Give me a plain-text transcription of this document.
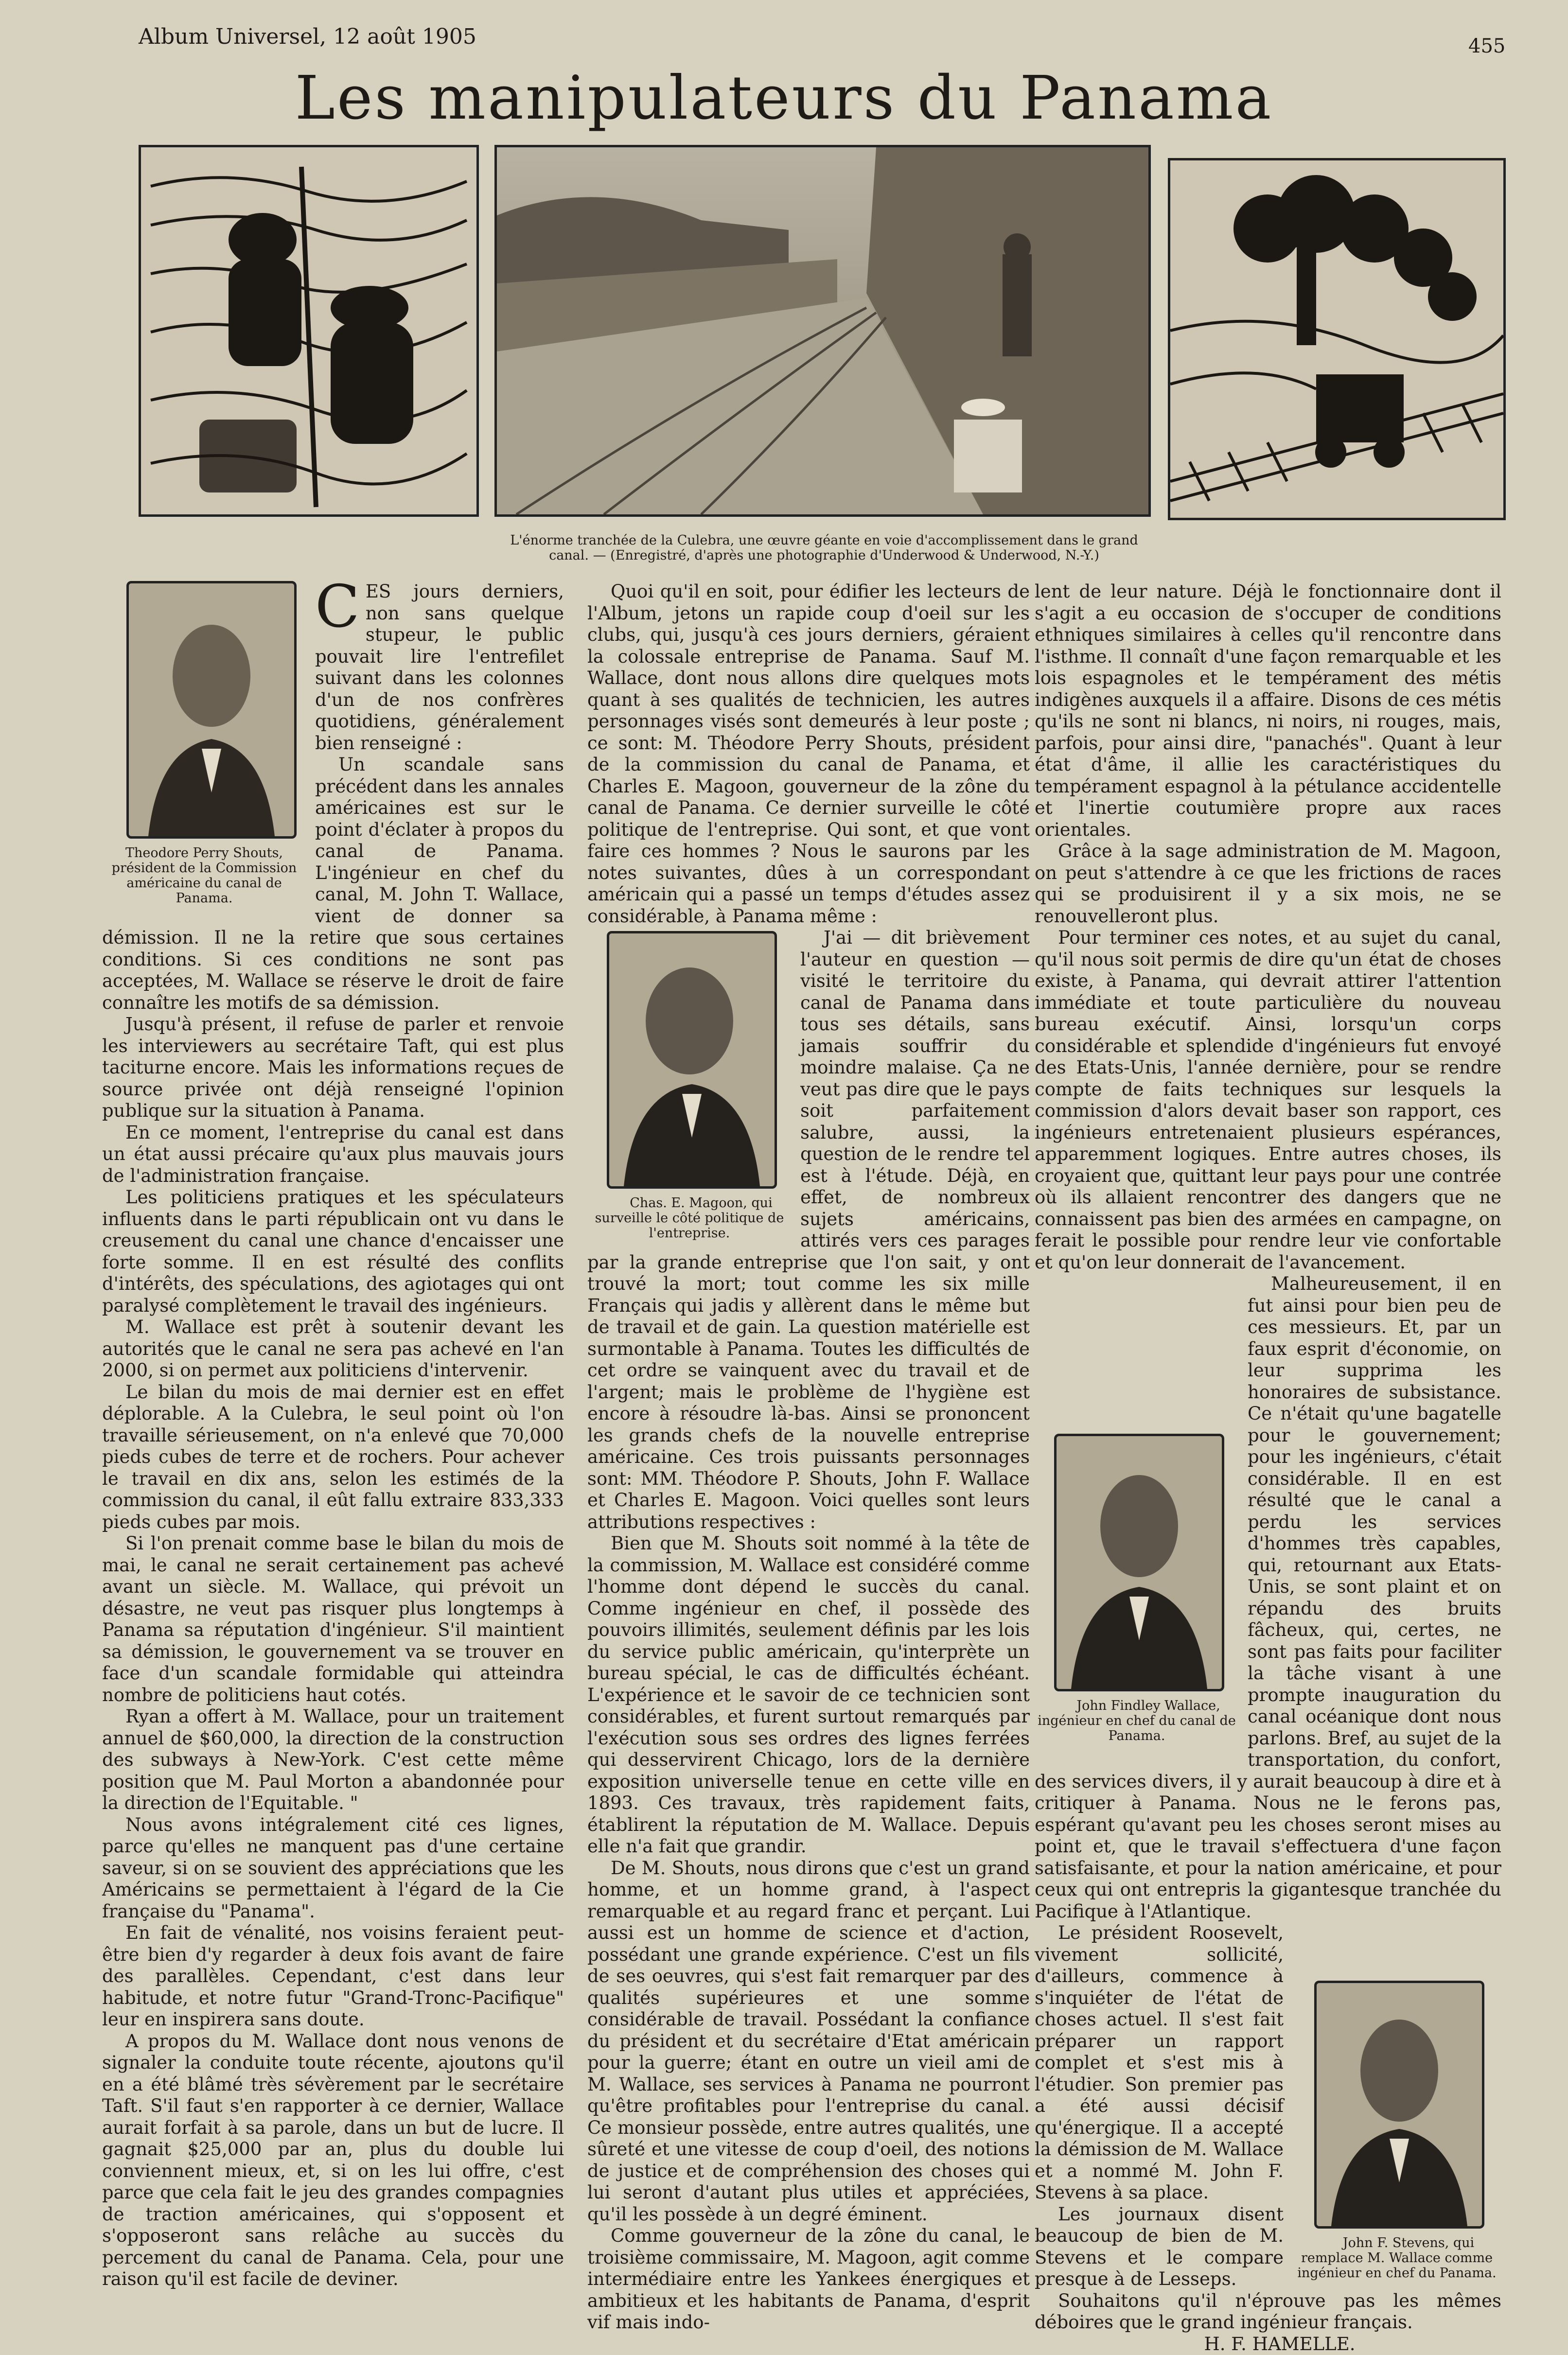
Album Universel, 12 août 1905	455
Les manipulateurs du Panama
L'énorme tranchée de la Culebra, une œuvre géante en voie d'accomplissement dans le grand canal. — (Enregistré, d'après une photographie d'Underwood & Underwood, N.-Y.)
Theodore Perry Shouts, président de la Commission américaine du canal de Panama.

CES jours derniers, non sans quelque stupeur, le public pouvait lire l'entrefilet suivant dans les colonnes d'un de nos confrères quotidiens, généralement bien renseigné :

Un scandale sans précédent dans les annales américaines est sur le point d'éclater à propos du canal de Panama. L'ingénieur en chef du canal, M. John T. Wallace, vient de donner sa démission. Il ne la retire que sous certaines conditions. Si ces conditions ne sont pas acceptées, M. Wallace se réserve le droit de faire connaître les motifs de sa démission.

Jusqu'à présent, il refuse de parler et renvoie les interviewers au secrétaire Taft, qui est plus taciturne encore. Mais les informations reçues de source privée ont déjà renseigné l'opinion publique sur la situation à Panama.

En ce moment, l'entreprise du canal est dans un état aussi précaire qu'aux plus mauvais jours de l'administration française.

Les politiciens pratiques et les spéculateurs influents dans le parti républicain ont vu dans le creusement du canal une chance d'encaisser une forte somme. Il en est résulté des conflits d'intérêts, des spéculations, des agiotages qui ont paralysé complètement le travail des ingénieurs.

M. Wallace est prêt à soutenir devant les autorités que le canal ne sera pas achevé en l'an 2000, si on permet aux politiciens d'intervenir.

Le bilan du mois de mai dernier est en effet déplorable. A la Culebra, le seul point où l'on travaille sérieusement, on n'a enlevé que 70,000 pieds cubes de terre et de rochers. Pour achever le travail en dix ans, selon les estimés de la commission du canal, il eût fallu extraire 833,333 pieds cubes par mois.

Si l'on prenait comme base le bilan du mois de mai, le canal ne serait certainement pas achevé avant un siècle. M. Wallace, qui prévoit un désastre, ne veut pas risquer plus longtemps à Panama sa réputation d'ingénieur. S'il maintient sa démission, le gouvernement va se trouver en face d'un scandale formidable qui atteindra nombre de politiciens haut cotés.

Ryan a offert à M. Wallace, pour un traitement annuel de $60,000, la direction de la construction des subways à New-York. C'est cette même position que M. Paul Morton a abandonnée pour la direction de l'Equitable. "

Nous avons intégralement cité ces lignes, parce qu'elles ne manquent pas d'une certaine saveur, si on se souvient des appréciations que les Américains se permettaient à l'égard de la Cie française du "Panama".

En fait de vénalité, nos voisins feraient peut-être bien d'y regarder à deux fois avant de faire des parallèles. Cependant, c'est dans leur habitude, et notre futur "Grand-Tronc-Pacifique" leur en inspirera sans doute.

A propos du M. Wallace dont nous venons de signaler la conduite toute récente, ajoutons qu'il en a été blâmé très sévèrement par le secrétaire Taft. S'il faut s'en rapporter à ce dernier, Wallace aurait forfait à sa parole, dans un but de lucre. Il gagnait $25,000 par an, plus du double lui conviennent mieux, et, si on les lui offre, c'est parce que cela fait le jeu des grandes compagnies de traction américaines, qui s'opposent et s'opposeront sans relâche au succès du percement du canal de Panama. Cela, pour une raison qu'il est facile de deviner.

Quoi qu'il en soit, pour édifier les lecteurs de l'Album, jetons un rapide coup d'oeil sur les clubs, qui, jusqu'à ces jours derniers, géraient la colossale entreprise de Panama. Sauf M. Wallace, dont nous allons dire quelques mots quant à ses qualités de technicien, les autres personnages visés sont demeurés à leur poste ; ce sont: M. Théodore Perry Shouts, président de la commission du canal de Panama, et Charles E. Magoon, gouverneur de la zône du canal de Panama. Ce dernier surveille le côté politique de l'entreprise. Qui sont, et que vont faire ces hommes ? Nous le saurons par les notes suivantes, dûes à un correspondant américain qui a passé un temps d'études assez considérable, à Panama même :

Chas. E. Magoon, qui surveille le côté politique de l'entreprise.
J'ai — dit brièvement l'auteur en question — visité le territoire du canal de Panama dans tous ses détails, sans jamais souffrir du moindre malaise. Ça ne veut pas dire que le pays soit parfaitement salubre, aussi, la question de le rendre tel est à l'étude. Déjà, en effet, de nombreux sujets américains, attirés vers ces parages par la grande entreprise que l'on sait, y ont trouvé la mort; tout comme les six mille Français qui jadis y allèrent dans le même but de travail et de gain. La question matérielle est surmontable à Panama. Toutes les difficultés de cet ordre se vainquent avec du travail et de l'argent; mais le problème de l'hygiène est encore à résoudre là-bas. Ainsi se prononcent les grands chefs de la nouvelle entreprise américaine. Ces trois puissants personnages sont: MM. Théodore P. Shouts, John F. Wallace et Charles E. Magoon. Voici quelles sont leurs attributions respectives :

Bien que M. Shouts soit nommé à la tête de la commission, M. Wallace est considéré comme l'homme dont dépend le succès du canal. Comme ingénieur en chef, il possède des pouvoirs illimités, seulement définis par les lois du service public américain, qu'interprète un bureau spécial, le cas de difficultés échéant. L'expérience et le savoir de ce technicien sont considérables, et furent surtout remarqués par l'exécution sous ses ordres des lignes ferrées qui desservirent Chicago, lors de la dernière exposition universelle tenue en cette ville en 1893. Ces travaux, très rapidement faits, établirent la réputation de M. Wallace. Depuis elle n'a fait que grandir.

De M. Shouts, nous dirons que c'est un grand homme, et un homme grand, à l'aspect remarquable et au regard franc et perçant. Lui aussi est un homme de science et d'action, possédant une grande expérience. C'est un fils de ses oeuvres, qui s'est fait remarquer par des qualités supérieures et une somme considérable de travail. Possédant la confiance du président et du secrétaire d'Etat américain pour la guerre; étant en outre un vieil ami de M. Wallace, ses services à Panama ne pourront qu'être profitables pour l'entreprise du canal. Ce monsieur possède, entre autres qualités, une sûreté et une vitesse de coup d'oeil, des notions de justice et de compréhension des choses qui lui seront d'autant plus utiles et appréciées, qu'il les possède à un degré éminent.

Comme gouverneur de la zône du canal, le troisième commissaire, M. Magoon, agit comme intermédiaire entre les Yankees énergiques et ambitieux et les habitants de Panama, d'esprit vif mais indo-

lent de leur nature. Déjà le fonctionnaire dont il s'agit a eu occasion de s'occuper de conditions ethniques similaires à celles qu'il rencontre dans l'isthme. Il connaît d'une façon remarquable et les lois espagnoles et le tempérament des métis indigènes auxquels il a affaire. Disons de ces métis qu'ils ne sont ni blancs, ni noirs, ni rouges, mais, parfois, pour ainsi dire, "panachés". Quant à leur état d'âme, il allie les caractéristiques du tempérament espagnol à la pétulance accidentelle et l'inertie coutumière propre aux races orientales.

Grâce à la sage administration de M. Magoon, on peut s'attendre à ce que les frictions de races qui se produisirent il y a six mois, ne se renouvelleront plus.

Pour terminer ces notes, et au sujet du canal, qu'il nous soit permis de dire qu'un état de choses existe, à Panama, qui devrait attirer l'attention immédiate et toute particulière du nouveau bureau exécutif. Ainsi, lorsqu'un corps considérable et splendide d'ingénieurs fut envoyé des Etats-Unis, l'année dernière, pour se rendre compte de faits techniques sur lesquels la commission d'alors devait baser son rapport, ces ingénieurs entretenaient plusieurs espérances, apparemment logiques. Entre autres choses, ils croyaient que, quittant leur pays pour une contrée où ils allaient rencontrer des dangers que ne connaissent pas bien des armées en campagne, on ferait le possible pour rendre leur vie confortable et qu'on leur donnerait de l'avancement.

John Findley Wallace, ingénieur en chef du canal de Panama.
Malheureusement, il en fut ainsi pour bien peu de ces messieurs. Et, par un faux esprit d'économie, on leur supprima les honoraires de subsistance. Ce n'était qu'une bagatelle pour le gouvernement; pour les ingénieurs, c'était considérable. Il en est résulté que le canal a perdu les services d'hommes très capables, qui, retournant aux Etats-Unis, se sont plaint et on répandu des bruits fâcheux, qui, certes, ne sont pas faits pour faciliter la tâche visant à une prompte inauguration du canal océanique dont nous parlons. Bref, au sujet de la transportation, du confort, des services divers, il y aurait beaucoup à dire et à critiquer à Panama. Nous ne le ferons pas, espérant qu'avant peu les choses seront mises au point et, que le travail s'effectuera d'une façon satisfaisante, et pour la nation américaine, et pour ceux qui ont entrepris la gigantesque tranchée du Pacifique à l'Atlantique.

John F. Stevens, qui remplace M. Wallace comme ingénieur en chef du Panama.
Le président Roosevelt, vivement sollicité, d'ailleurs, commence à s'inquiéter de l'état de choses actuel. Il s'est fait préparer un rapport complet et s'est mis à l'étudier. Son premier pas a été aussi décisif qu'énergique. Il a accepté la démission de M. Wallace et a nommé M. John F. Stevens à sa place.

Les journaux disent beaucoup de bien de M. Stevens et le compare presque à de Lesseps.

Souhaitons qu'il n'éprouve pas les mêmes déboires que le grand ingénieur français.

H. F. HAMELLE.
